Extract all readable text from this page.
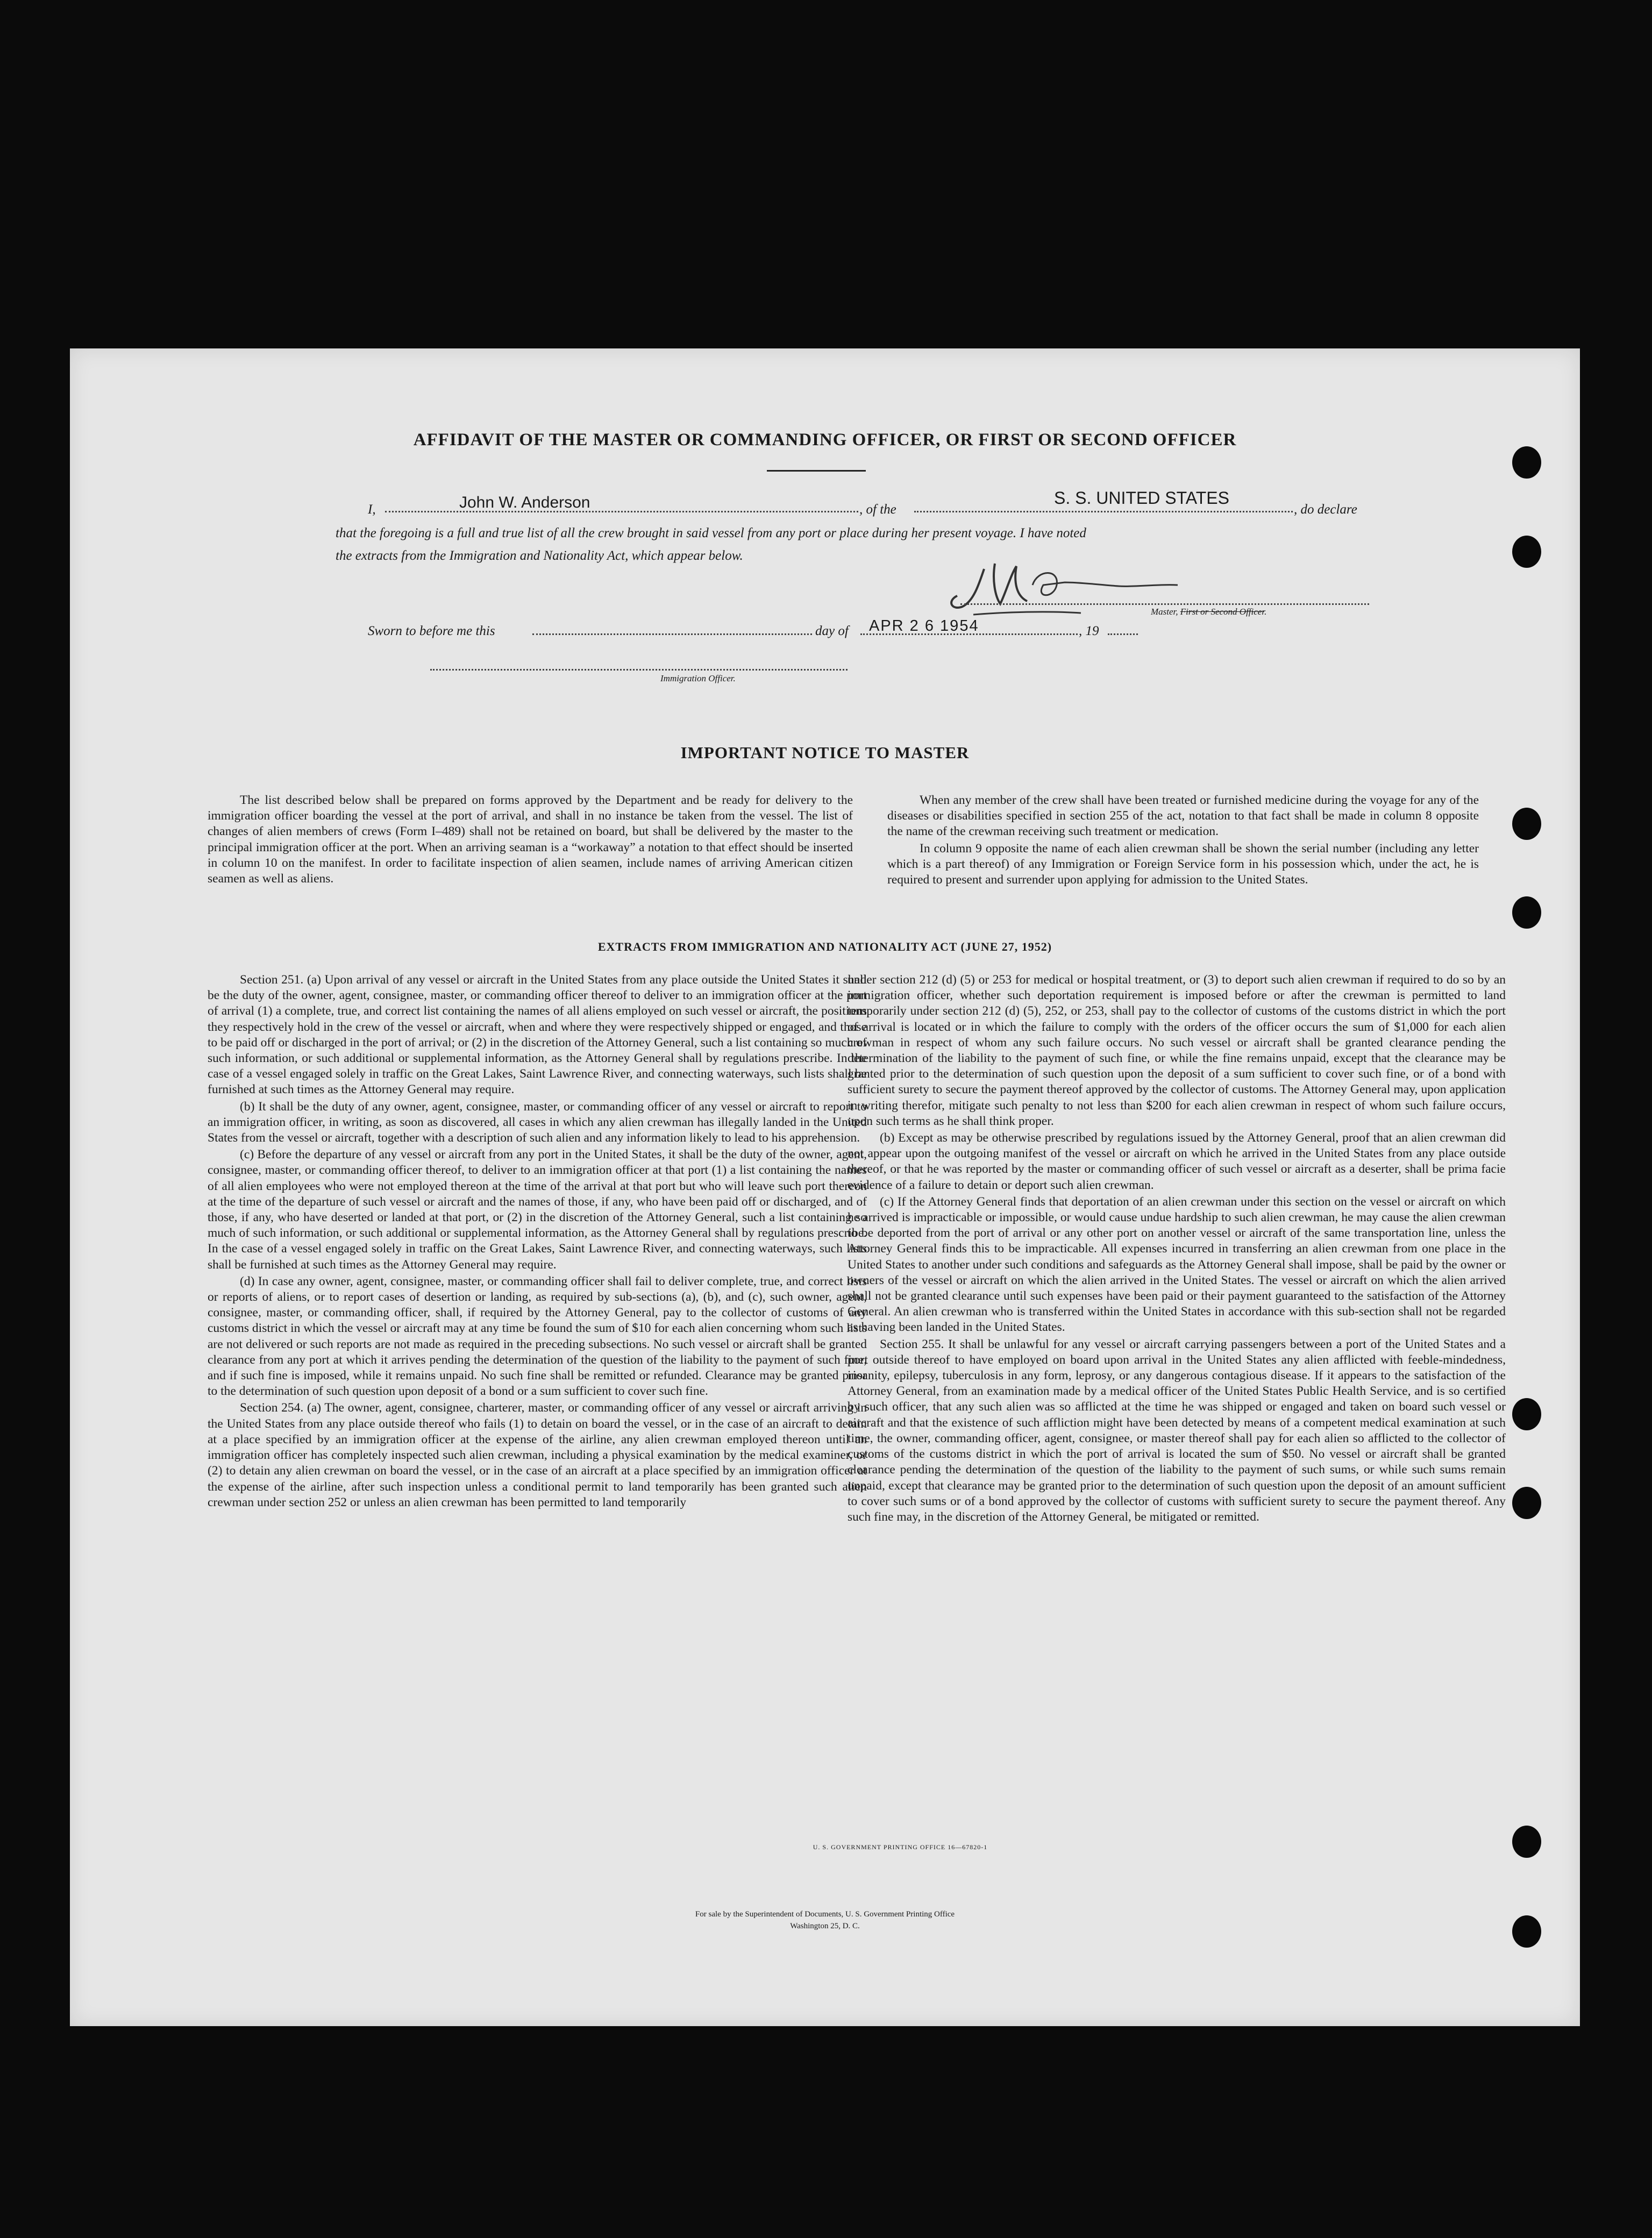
AFFIDAVIT OF THE MASTER OR COMMANDING OFFICER, OR FIRST OR SECOND OFFICER
I,	John W. Anderson	, of the
S. S. UNITED STATES
, do declare
that the foregoing is a full and true list of all the crew brought in said vessel from any port or place during her present voyage. I have noted
the extracts from the Immigration and Nationality Act, which appear below.
Master, First or Second Officer.
Sworn to before me this	day of APR 2 6 1954	, 19
Immigration Officer.
IMPORTANT NOTICE TO MASTER

The list described below shall be prepared on forms approved by the Department and be ready for delivery to the immigration officer boarding the vessel at the port of arrival, and shall in no instance be taken from the vessel. The list of changes of alien members of crews (Form I–489) shall not be retained on board, but shall be delivered by the master to the principal immigration officer at the port. When an arriving seaman is a “workaway” a notation to that effect should be inserted in column 10 on the manifest. In order to facilitate inspection of alien seamen, include names of arriving American citizen seamen as well as aliens.

When any member of the crew shall have been treated or furnished medicine during the voyage for any of the diseases or disabilities specified in section 255 of the act, notation to that fact shall be made in column 8 opposite the name of the crewman receiving such treatment or medication.

In column 9 opposite the name of each alien crewman shall be shown the serial number (including any letter which is a part thereof) of any Immigration or Foreign Service form in his possession which, under the act, he is required to present and surrender upon applying for admission to the United States.

EXTRACTS FROM IMMIGRATION AND NATIONALITY ACT (JUNE 27, 1952)

Section 251. (a) Upon arrival of any vessel or aircraft in the United States from any place outside the United States it shall be the duty of the owner, agent, consignee, master, or commanding officer thereof to deliver to an immigration officer at the port of arrival (1) a complete, true, and correct list containing the names of all aliens employed on such vessel or aircraft, the positions they respectively hold in the crew of the vessel or aircraft, when and where they were respectively shipped or engaged, and those to be paid off or discharged in the port of arrival; or (2) in the discretion of the Attorney General, such a list containing so much of such information, or such additional or supplemental information, as the Attorney General shall by regulations prescribe. In the case of a vessel engaged solely in traffic on the Great Lakes, Saint Lawrence River, and connecting waterways, such lists shall be furnished at such times as the Attorney General may require.

(b) It shall be the duty of any owner, agent, consignee, master, or commanding officer of any vessel or aircraft to report to an immigration officer, in writing, as soon as discovered, all cases in which any alien crewman has illegally landed in the United States from the vessel or aircraft, together with a description of such alien and any information likely to lead to his apprehension.

(c) Before the departure of any vessel or aircraft from any port in the United States, it shall be the duty of the owner, agent, consignee, master, or commanding officer thereof, to deliver to an immigration officer at that port (1) a list containing the names of all alien employees who were not employed thereon at the time of the arrival at that port but who will leave such port thereon at the time of the departure of such vessel or aircraft and the names of those, if any, who have been paid off or discharged, and of those, if any, who have deserted or landed at that port, or (2) in the discretion of the Attorney General, such a list containing so much of such information, or such additional or supplemental information, as the Attorney General shall by regulations prescribe. In the case of a vessel engaged solely in traffic on the Great Lakes, Saint Lawrence River, and connecting waterways, such lists shall be furnished at such times as the Attorney General may require.

(d) In case any owner, agent, consignee, master, or commanding officer shall fail to deliver complete, true, and correct lists or reports of aliens, or to report cases of desertion or landing, as required by sub-sections (a), (b), and (c), such owner, agent, consignee, master, or commanding officer, shall, if required by the Attorney General, pay to the collector of customs of any customs district in which the vessel or aircraft may at any time be found the sum of $10 for each alien concerning whom such lists are not delivered or such reports are not made as required in the preceding subsections. No such vessel or aircraft shall be granted clearance from any port at which it arrives pending the determination of the question of the liability to the payment of such fine, and if such fine is imposed, while it remains unpaid. No such fine shall be remitted or refunded. Clearance may be granted prior to the determination of such question upon deposit of a bond or a sum sufficient to cover such fine.

Section 254. (a) The owner, agent, consignee, charterer, master, or commanding officer of any vessel or aircraft arriving in the United States from any place outside thereof who fails (1) to detain on board the vessel, or in the case of an aircraft to detain at a place specified by an immigration officer at the expense of the airline, any alien crewman employed thereon until an immigration officer has completely inspected such alien crewman, including a physical examination by the medical examiner, or (2) to detain any alien crewman on board the vessel, or in the case of an aircraft at a place specified by an immigration officer at the expense of the airline, after such inspection unless a conditional permit to land temporarily has been granted such alien crewman under section 252 or unless an alien crewman has been permitted to land temporarily

under section 212 (d) (5) or 253 for medical or hospital treatment, or (3) to deport such alien crewman if required to do so by an immigration officer, whether such deportation requirement is imposed before or after the crewman is permitted to land temporarily under section 212 (d) (5), 252, or 253, shall pay to the collector of customs of the customs district in which the port of arrival is located or in which the failure to comply with the orders of the officer occurs the sum of $1,000 for each alien crewman in respect of whom any such failure occurs. No such vessel or aircraft shall be granted clearance pending the determination of the liability to the payment of such fine, or while the fine remains unpaid, except that the clearance may be granted prior to the determination of such question upon the deposit of a sum sufficient to cover such fine, or of a bond with sufficient surety to secure the payment thereof approved by the collector of customs. The Attorney General may, upon application in writing therefor, mitigate such penalty to not less than $200 for each alien crewman in respect of whom such failure occurs, upon such terms as he shall think proper.

(b) Except as may be otherwise prescribed by regulations issued by the Attorney General, proof that an alien crewman did not appear upon the outgoing manifest of the vessel or aircraft on which he arrived in the United States from any place outside thereof, or that he was reported by the master or commanding officer of such vessel or aircraft as a deserter, shall be prima facie evidence of a failure to detain or deport such alien crewman.

(c) If the Attorney General finds that deportation of an alien crewman under this section on the vessel or aircraft on which he arrived is impracticable or impossible, or would cause undue hardship to such alien crewman, he may cause the alien crewman to be deported from the port of arrival or any other port on another vessel or aircraft of the same transportation line, unless the Attorney General finds this to be impracticable. All expenses incurred in transferring an alien crewman from one place in the United States to another under such conditions and safeguards as the Attorney General shall impose, shall be paid by the owner or owners of the vessel or aircraft on which the alien arrived in the United States. The vessel or aircraft on which the alien arrived shall not be granted clearance until such expenses have been paid or their payment guaranteed to the satisfaction of the Attorney General. An alien crewman who is transferred within the United States in accordance with this sub-section shall not be regarded as having been landed in the United States.

Section 255. It shall be unlawful for any vessel or aircraft carrying passengers between a port of the United States and a port outside thereof to have employed on board upon arrival in the United States any alien afflicted with feeble-mindedness, insanity, epilepsy, tuberculosis in any form, leprosy, or any dangerous contagious disease. If it appears to the satisfaction of the Attorney General, from an examination made by a medical officer of the United States Public Health Service, and is so certified by such officer, that any such alien was so afflicted at the time he was shipped or engaged and taken on board such vessel or aircraft and that the existence of such affliction might have been detected by means of a competent medical examination at such time, the owner, commanding officer, agent, consignee, or master thereof shall pay for each alien so afflicted to the collector of customs of the customs district in which the port of arrival is located the sum of $50. No vessel or aircraft shall be granted clearance pending the determination of the question of the liability to the payment of such sums, or while such sums remain unpaid, except that clearance may be granted prior to the determination of such question upon the deposit of an amount sufficient to cover such sums or of a bond approved by the collector of customs with sufficient surety to secure the payment thereof. Any such fine may, in the discretion of the Attorney General, be mitigated or remitted.

U. S. GOVERNMENT PRINTING OFFICE 16—67820-1
For sale by the Superintendent of Documents, U. S. Government Printing Office
Washington 25, D. C.
